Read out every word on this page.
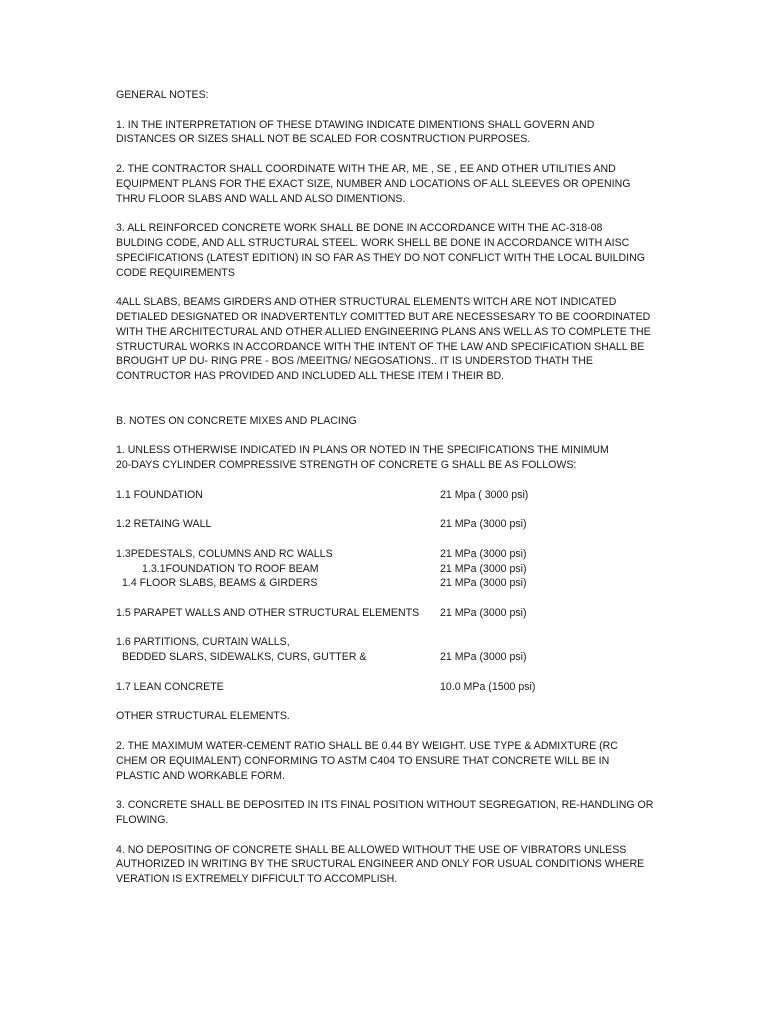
GENERAL NOTES:
1. IN THE INTERPRETATION OF THESE DTAWING INDICATE DIMENTIONS SHALL GOVERN AND
DISTANCES OR SIZES SHALL NOT BE SCALED FOR COSNTRUCTION PURPOSES.
2. THE CONTRACTOR SHALL COORDINATE WITH THE AR, ME , SE , EE AND OTHER UTILITIES AND
EQUIPMENT PLANS FOR THE EXACT SIZE, NUMBER AND LOCATIONS OF ALL SLEEVES OR OPENING
THRU FLOOR SLABS AND WALL AND ALSO DIMENTIONS.
3. ALL REINFORCED CONCRETE WORK SHALL BE DONE IN ACCORDANCE WITH THE AC-318-08
BULDING CODE, AND ALL STRUCTURAL STEEL. WORK SHELL BE DONE IN ACCORDANCE WITH AISC
SPECIFICATIONS (LATEST EDITION) IN SO FAR AS THEY DO NOT CONFLICT WITH THE LOCAL BUILDING
CODE REQUIREMENTS
4ALL SLABS, BEAMS GIRDERS AND OTHER STRUCTURAL ELEMENTS WITCH ARE NOT INDICATED
DETIALED DESIGNATED OR INADVERTENTLY COMITTED BUT ARE NECESSESARY TO BE COORDINATED
WITH THE ARCHITECTURAL AND OTHER ALLIED ENGINEERING PLANS ANS WELL AS TO COMPLETE THE
STRUCTURAL WORKS IN ACCORDANCE WITH THE INTENT OF THE LAW AND SPECIFICATION SHALL BE
BROUGHT UP DU- RING PRE - BOS /MEEITNG/ NEGOSATIONS.. IT IS UNDERSTOD THATH THE
CONTRUCTOR HAS PROVIDED AND INCLUDED ALL THESE ITEM I THEIR BD.
B. NOTES ON CONCRETE MIXES AND PLACING
1. UNLESS OTHERWISE INDICATED IN PLANS OR NOTED IN THE SPECIFICATIONS THE MINIMUM
20-DAYS CYLINDER COMPRESSIVE STRENGTH OF CONCRETE G SHALL BE AS FOLLOWS:
1.1 FOUNDATION	21 Mpa ( 3000 psi)
1.2 RETAING WALL	21 MPa (3000 psi)
1.3PEDESTALS, COLUMNS AND RC WALLS	21 MPa (3000 psi)
1.3.1FOUNDATION TO ROOF BEAM	21 MPa (3000 psi)
1.4 FLOOR SLABS, BEAMS & GIRDERS	21 MPa (3000 psi)
1.5 PARAPET WALLS AND OTHER STRUCTURAL ELEMENTS 21 MPa (3000 psi)
1.6 PARTITIONS, CURTAIN WALLS,
BEDDED SLARS, SIDEWALKS, CURS, GUTTER &	21 MPa (3000 psi)
1.7 LEAN CONCRETE	10.0 MPa (1500 psi)
OTHER STRUCTURAL ELEMENTS.
2. THE MAXIMUM WATER-CEMENT RATIO SHALL BE 0.44 BY WEIGHT. USE TYPE & ADMIXTURE (RC
CHEM OR EQUIMALENT) CONFORMING TO ASTM C404 TO ENSURE THAT CONCRETE WILL BE IN
PLASTIC AND WORKABLE FORM.
3. CONCRETE SHALL BE DEPOSITED IN ITS FINAL POSITION WITHOUT SEGREGATION, RE-HANDLING OR
FLOWING.
4. NO DEPOSITING OF CONCRETE SHALL BE ALLOWED WITHOUT THE USE OF VIBRATORS UNLESS
AUTHORIZED IN WRITING BY THE SRUCTURAL ENGINEER AND ONLY FOR USUAL CONDITIONS WHERE
VERATION IS EXTREMELY DIFFICULT TO ACCOMPLISH.
